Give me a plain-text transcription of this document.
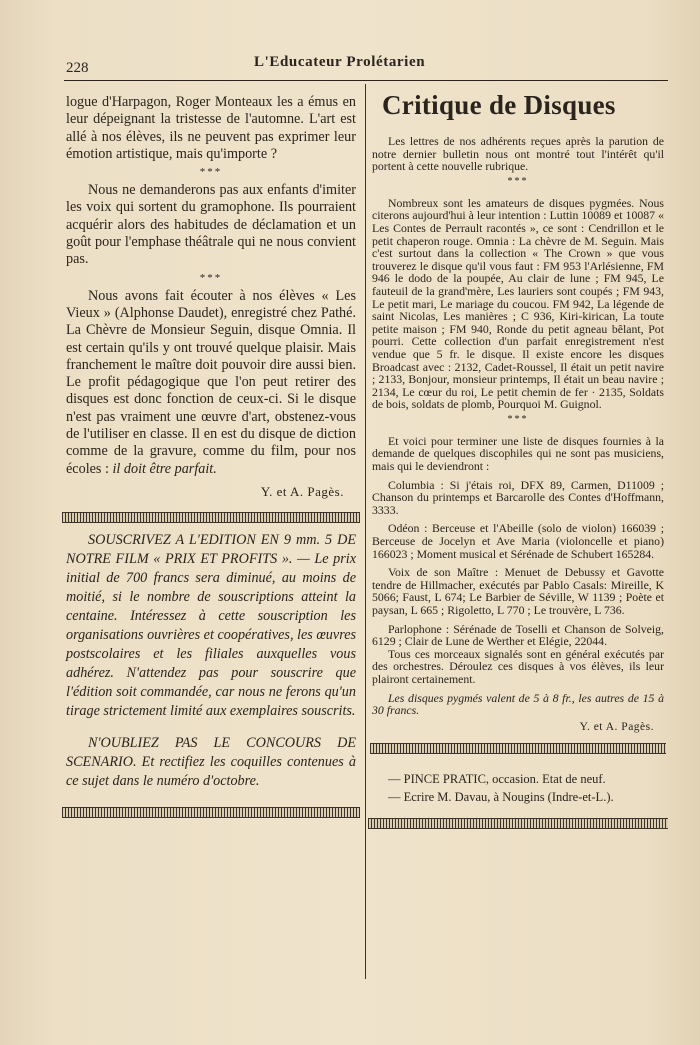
228	L'Educateur Prolétarien

logue d'Harpagon, Roger Monteaux les a émus en leur dépeignant la tristesse de l'automne. L'art est allé à nos élèves, ils ne peuvent pas exprimer leur émotion artistique, mais qu'importe ?

***

Nous ne demanderons pas aux enfants d'imiter les voix qui sortent du gramophone. Ils pourraient acquérir alors des habitudes de déclamation et un goût pour l'emphase théâtrale qui ne nous convient pas.

***

Nous avons fait écouter à nos élèves « Les Vieux » (Alphonse Daudet), enregistré chez Pathé. La Chèvre de Monsieur Seguin, disque Omnia. Il est certain qu'ils y ont trouvé quelque plaisir. Mais franchement le maître doit pouvoir dire aussi bien. Le profit pédagogique que l'on peut retirer des disques est donc fonction de ceux-ci. Si le disque n'est pas vraiment une œuvre d'art, obstenez-vous de l'utiliser en classe. Il en est du disque de diction comme de la gravure, comme du film, pour nos écoles : il doit être parfait.

Y. et A. Pagès.

SOUSCRIVEZ A L'EDITION EN 9 mm. 5 DE NOTRE FILM « PRIX ET PROFITS ». — Le prix initial de 700 francs sera diminué, au moins de moitié, si le nombre de souscriptions atteint la centaine. Intéressez à cette souscription les organisations ouvrières et coopératives, les œuvres postscolaires et les filiales auxquelles vous adhérez. N'attendez pas pour souscrire que l'édition soit commandée, car nous ne ferons qu'un tirage strictement limité aux exemplaires souscrits.

N'OUBLIEZ PAS LE CONCOURS DE SCENARIO. Et rectifiez les coquilles contenues à ce sujet dans le numéro d'octobre.

Critique de Disques

Les lettres de nos adhérents reçues après la parution de notre dernier bulletin nous ont montré tout l'intérêt qu'il portent à cette nouvelle rubrique.

***

Nombreux sont les amateurs de disques pygmées. Nous citerons aujourd'hui à leur intention : Luttin 10089 et 10087 « Les Contes de Perrault racontés », ce sont : Cendrillon et le petit chaperon rouge. Omnia : La chèvre de M. Seguin. Mais c'est surtout dans la collection « The Crown » que vous trouverez le disque qu'il vous faut : FM 953 l'Arlésienne, FM 946 le dodo de la poupée, Au clair de lune ; FM 945, Le fauteuil de la grand'mère, Les lauriers sont coupés ; FM 943, Le petit mari, Le mariage du coucou. FM 942, La légende de saint Nicolas, Les manières ; C 936, Kiri-kirican, La toute petite maison ; FM 940, Ronde du petit agneau bêlant, Pot pourri. Cette collection d'un parfait enregistrement n'est vendue que 5 fr. le disque. Il existe encore les disques Broadcast avec : 2132, Cadet-Roussel, Il était un petit navire ; 2133, Bonjour, monsieur printemps, Il était un beau navire ; 2134, Le cœur du roi, Le petit chemin de fer · 2135, Soldats de bois, soldats de plomb, Pourquoi M. Guignol.

***

Et voici pour terminer une liste de disques fournies à la demande de quelques discophiles qui ne sont pas musiciens, mais qui le deviendront :

Columbia : Si j'étais roi, DFX 89, Carmen, D11009 ; Chanson du printemps et Barcarolle des Contes d'Hoffmann, 3333.

Odéon : Berceuse et l'Abeille (solo de violon) 166039 ; Berceuse de Jocelyn et Ave Maria (violoncelle et piano) 166023 ; Moment musical et Sérénade de Schubert 165284.

Voix de son Maître : Menuet de Debussy et Gavotte tendre de Hillmacher, exécutés par Pablo Casals: Mireille, K 5066; Faust, L 674; Le Barbier de Séville, W 1139 ; Poète et paysan, L 665 ; Rigoletto, L 770 ; Le trouvère, L 736.

Parlophone : Sérénade de Toselli et Chanson de Solveig, 6129 ; Clair de Lune de Werther et Elégie, 22044.

Tous ces morceaux signalés sont en général exécutés par des orchestres. Déroulez ces disques à vos élèves, ils leur plairont certainement.

Les disques pygmés valent de 5 à 8 fr., les autres de 15 à 30 francs.

Y. et A. Pagès.

— PINCE PRATIC, occasion. Etat de neuf.

— Ecrire M. Davau, à Nougins (Indre-et-L.).
